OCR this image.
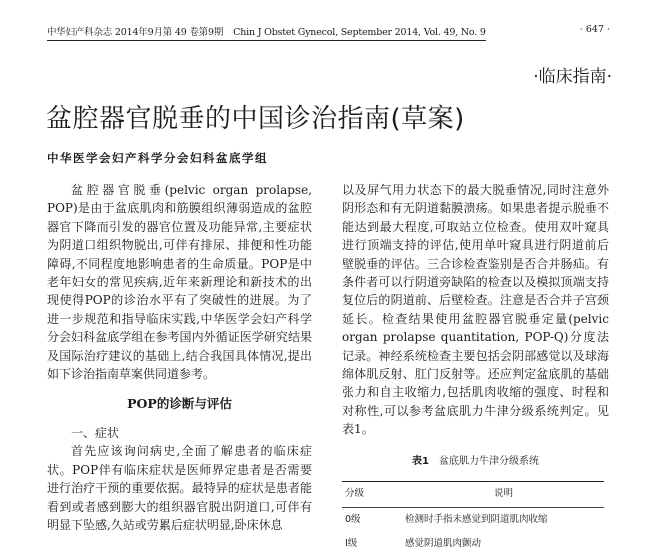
中华妇产科杂志 2014年9月第 49 卷第9期 Chin J Obstet Gynecol, September 2014, Vol. 49, No. 9	· 647 ·
·临床指南·
盆腔器官脱垂的中国诊治指南(草案)
中华医学会妇产科学分会妇科盆底学组

盆腔器官脱垂(pelvic organ prolapse, POP)是由于盆底肌肉和筋膜组织薄弱造成的盆腔器官下降而引发的器官位置及功能异常,主要症状为阴道口组织物脱出,可伴有排尿、排便和性功能障碍,不同程度地影响患者的生命质量。POP是中老年妇女的常见疾病,近年来新理论和新技术的出现使得POP的诊治水平有了突破性的进展。为了进一步规范和指导临床实践,中华医学会妇产科学分会妇科盆底学组在参考国内外循证医学研究结果及国际治疗建议的基础上,结合我国具体情况,提出如下诊治指南草案供同道参考。

POP的诊断与评估

一、症状

首先应该询问病史,全面了解患者的临床症状。POP伴有临床症状是医师界定患者是否需要进行治疗干预的重要依据。最特异的症状是患者能看到或者感到膨大的组织器官脱出阴道口,可伴有明显下坠感,久站或劳累后症状明显,卧床休息

以及屏气用力状态下的最大脱垂情况,同时注意外阴形态和有无阴道黏膜溃疡。如果患者提示脱垂不能达到最大程度,可取站立位检查。使用双叶窥具进行顶端支持的评估,使用单叶窥具进行阴道前后壁脱垂的评估。三合诊检查鉴别是否合并肠疝。有条件者可以行阴道旁缺陷的检查以及模拟顶端支持复位后的阴道前、后壁检查。注意是否合并子宫颈延长。检查结果使用盆腔器官脱垂定量(pelvic organ prolapse quantitation, POP-Q)分度法记录。神经系统检查主要包括会阴部感觉以及球海绵体肌反射、肛门反射等。还应判定盆底肌的基础张力和自主收缩力,包括肌肉收缩的强度、时程和对称性,可以参考盆底肌力牛津分级系统判定。见表1。

表1 盆底肌力牛津分级系统
分级	说明
0级	检测时手指未感觉到阴道肌肉收缩
Ⅰ级	感觉阴道肌肉颤动
